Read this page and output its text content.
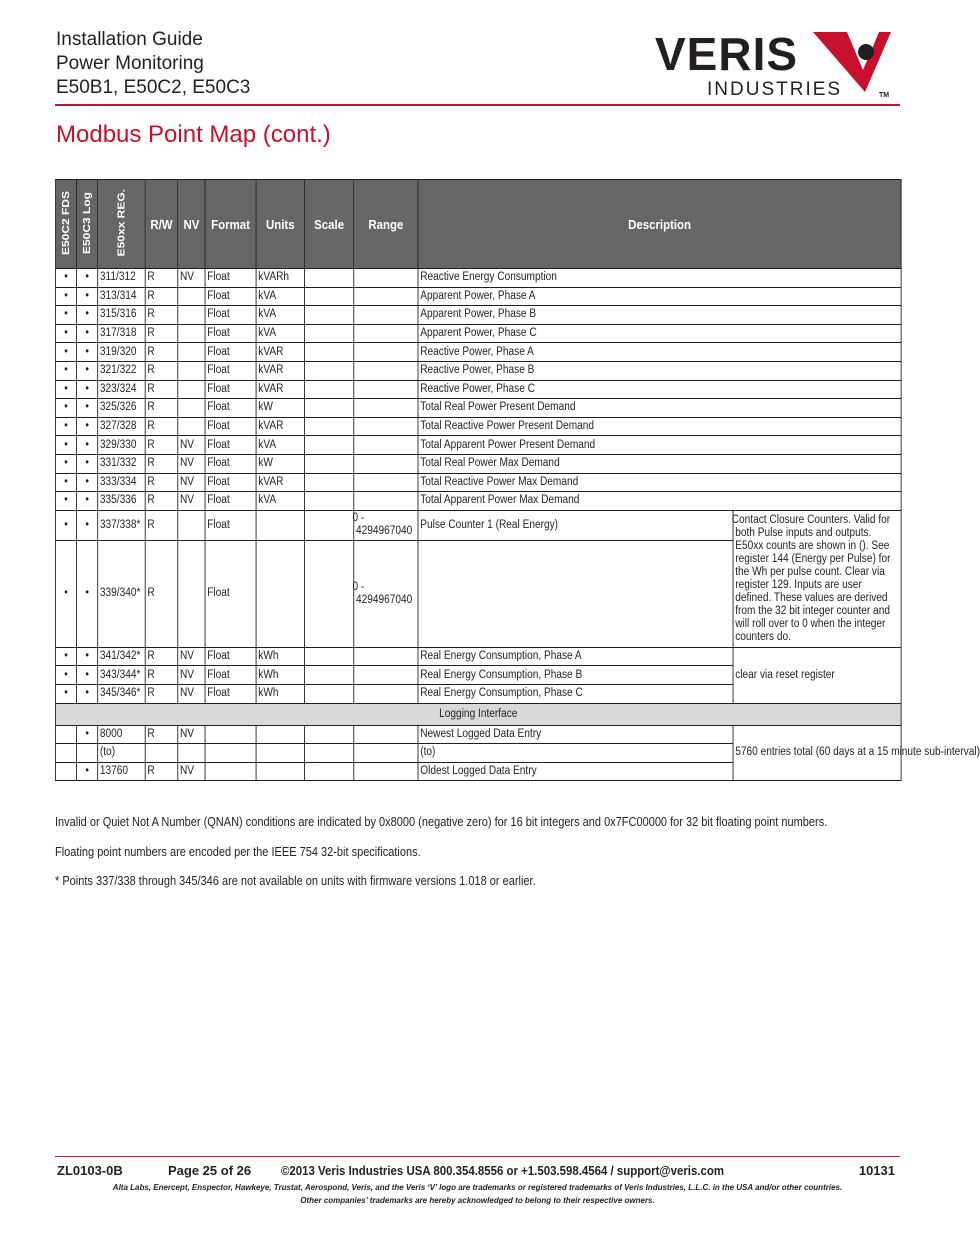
Installation Guide
Power Monitoring
E50B1, E50C2, E50C3
VERIS
INDUSTRIES	TM
Modbus Point Map (cont.)
E50C2 FDS	E50C3 Log	E50xx REG.	R/W	NV	Format	Units	Scale	Range	Description	
•	•	311/312	R	NV	Float	kVARh			Reactive Energy Consumption	
•	•	313/314	R		Float	kVA			Apparent Power, Phase A	
•	•	315/316	R		Float	kVA			Apparent Power, Phase B	
•	•	317/318	R		Float	kVA			Apparent Power, Phase C	
•	•	319/320	R		Float	kVAR			Reactive Power, Phase A	
•	•	321/322	R		Float	kVAR			Reactive Power, Phase B	
•	•	323/324	R		Float	kVAR			Reactive Power, Phase C	
•	•	325/326	R		Float	kW			Total Real Power Present Demand	
•	•	327/328	R		Float	kVAR			Total Reactive Power Present Demand	
•	•	329/330	R	NV	Float	kVA			Total Apparent Power Present Demand	
•	•	331/332	R	NV	Float	kW			Total Real Power Max Demand	
•	•	333/334	R	NV	Float	kVAR			Total Reactive Power Max Demand	
•	•	335/336	R	NV	Float	kVA			Total Apparent Power Max Demand	
•	•	337/338*	R		Float			0 - 4294967040	Pulse Counter 1 (Real Energy)	Contact Closure Counters. Valid for both Pulse inputs and outputs. E50xx counts are shown in (). See register 144 (Energy per Pulse) for the Wh per pulse count. Clear via register 129. Inputs are user defined. These values are derived from the 32 bit integer counter and will roll over to 0 when the integer counters do.
•	•	339/340*	R		Float			0 - 4294967040		
•	•	341/342*	R	NV	Float	kWh			Real Energy Consumption, Phase A	clear via reset register
•	•	343/344*	R	NV	Float	kWh			Real Energy Consumption, Phase B	
•	•	345/346*	R	NV	Float	kWh			Real Energy Consumption, Phase C	
Logging Interface										
	•	8000	R	NV					Newest Logged Data Entry	5760 entries total (60 days at a 15 minute sub-interval)
		(to)							(to)	
	•	13760	R	NV					Oldest Logged Data Entry	

Invalid or Quiet Not A Number (QNAN) conditions are indicated by 0x8000 (negative zero) for 16 bit integers and 0x7FC00000 for 32 bit floating point numbers.

Floating point numbers are encoded per the IEEE 754 32-bit specifications.

* Points 337/338 through 345/346 are not available on units with firmware versions 1.018 or earlier.

ZL0103-0B	Page 25 of 26 ©2013 Veris Industries USA 800.354.8556 or +1.503.598.4564 / support@veris.com	10131
Alta Labs, Enercept, Enspector, Hawkeye, Trustat, Aerospond, Veris, and the Veris ‘V’ logo are trademarks or registered trademarks of Veris Industries, L.L.C. in the USA and/or other countries.
Other companies’ trademarks are hereby acknowledged to belong to their respective owners.
